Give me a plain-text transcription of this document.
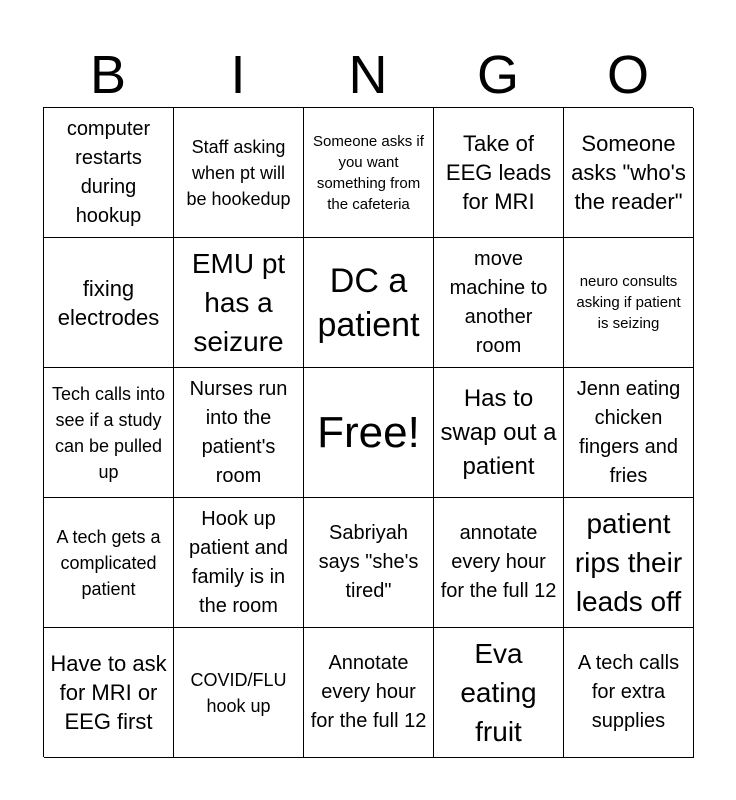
B	I	N	G	O
computer restarts during hookup
Staff asking when pt will be hookedup
Someone asks if you want something from the cafeteria
Take of EEG leads for MRI
Someone asks "who's the reader"
fixing electrodes
EMU pt has a seizure
DC a patient
move machine to another room
neuro consults asking if patient is seizing
Tech calls into see if a study can be pulled up
Nurses run into the patient's room
Free!
Has to swap out a patient
Jenn eating chicken fingers and fries
A tech gets a complicated patient
Hook up patient and family is in the room
Sabriyah says "she's tired"
annotate every hour for the full 12
patient rips their leads off
Have to ask for MRI or EEG first
COVID/FLU hook up
Annotate every hour for the full 12
Eva eating fruit
A tech calls for extra supplies
